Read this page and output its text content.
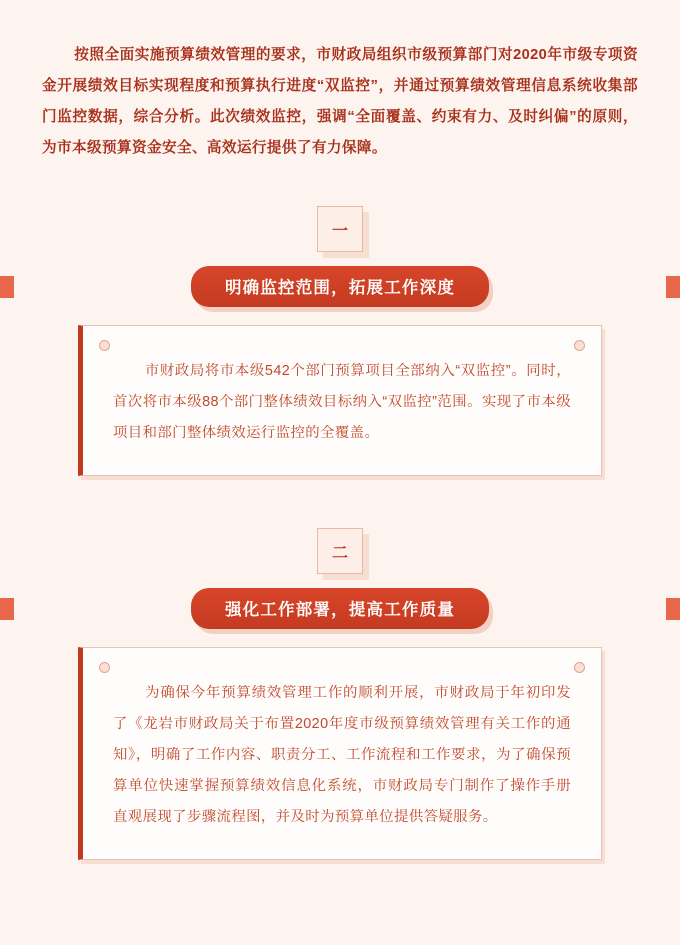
按照全面实施预算绩效管理的要求，市财政局组织市级预算部门对2020年市级专项资金开展绩效目标实现程度和预算执行进度“双监控”，并通过预算绩效管理信息系统收集部门监控数据，综合分析。此次绩效监控，强调“全面覆盖、约束有力、及时纠偏”的原则，为市本级预算资金安全、高效运行提供了有力保障。
一
明确监控范围，拓展工作深度

市财政局将市本级542个部门预算项目全部纳入“双监控”。同时，首次将市本级88个部门整体绩效目标纳入“双监控”范围。实现了市本级项目和部门整体绩效运行监控的全覆盖。

二
强化工作部署，提高工作质量

为确保今年预算绩效管理工作的顺利开展，市财政局于年初印发了《龙岩市财政局关于布置2020年度市级预算绩效管理有关工作的通知》，明确了工作内容、职责分工、工作流程和工作要求，为了确保预算单位快速掌握预算绩效信息化系统，市财政局专门制作了操作手册直观展现了步骤流程图，并及时为预算单位提供答疑服务。
